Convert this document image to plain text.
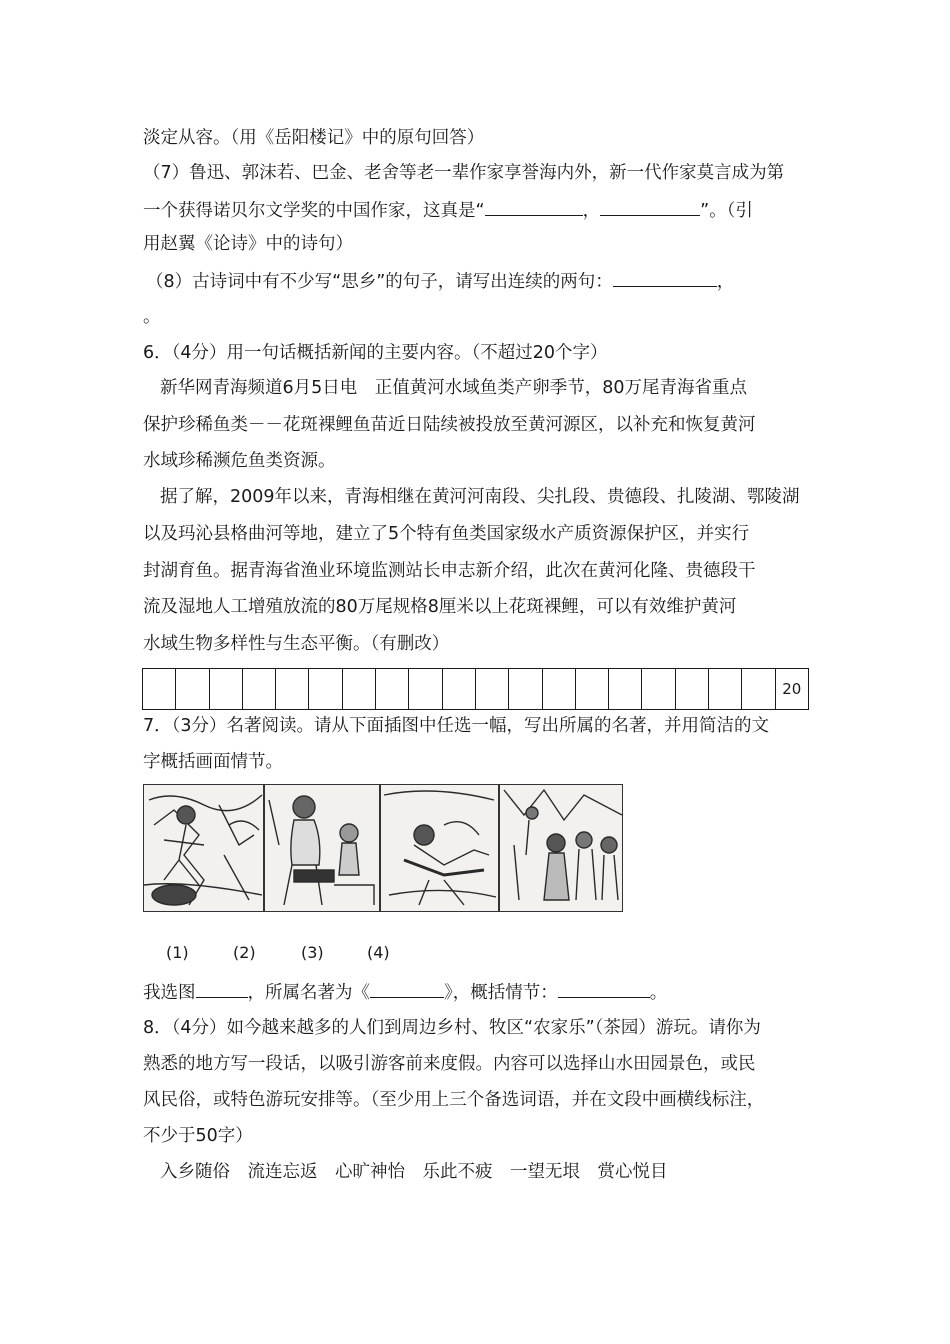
淡定从容。（用《岳阳楼记》中的原句回答）
（7）鲁迅、郭沫若、巴金、老舍等老一辈作家享誉海内外，新一代作家莫言成为第
一个获得诺贝尔文学奖的中国作家，这真是“	，	”。（引
用赵翼《论诗》中的诗句）
（8）古诗词中有不少写“思乡”的句子，请写出连续的两句：	，
。
6．（4分）用一句话概括新闻的主要内容。（不超过20个字）
新华网青海频道6月5日电　正值黄河水域鱼类产卵季节，80万尾青海省重点
保护珍稀鱼类－－花斑裸鲤鱼苗近日陆续被投放至黄河源区，以补充和恢复黄河
水域珍稀濒危鱼类资源。
据了解，2009年以来，青海相继在黄河河南段、尖扎段、贵德段、扎陵湖、鄂陵湖
以及玛沁县格曲河等地，建立了5个特有鱼类国家级水产质资源保护区，并实行
封湖育鱼。据青海省渔业环境监测站长申志新介绍，此次在黄河化隆、贵德段干
流及湿地人工增殖放流的80万尾规格8厘米以上花斑裸鲤，可以有效维护黄河
水域生物多样性与生态平衡。（有删改）
																			20
7．（3分）名著阅读。请从下面插图中任选一幅，写出所属的名著，并用简洁的文
字概括画面情节。
(1)	(2)	(3)	(4)
我选图	，所属名著为《	》，概括情节：	。
8．（4分）如今越来越多的人们到周边乡村、牧区“农家乐”（茶园）游玩。请你为
熟悉的地方写一段话，以吸引游客前来度假。内容可以选择山水田园景色，或民
风民俗，或特色游玩安排等。（至少用上三个备选词语，并在文段中画横线标注，
不少于50字）
入乡随俗　流连忘返　心旷神怡　乐此不疲　一望无垠　赏心悦目
